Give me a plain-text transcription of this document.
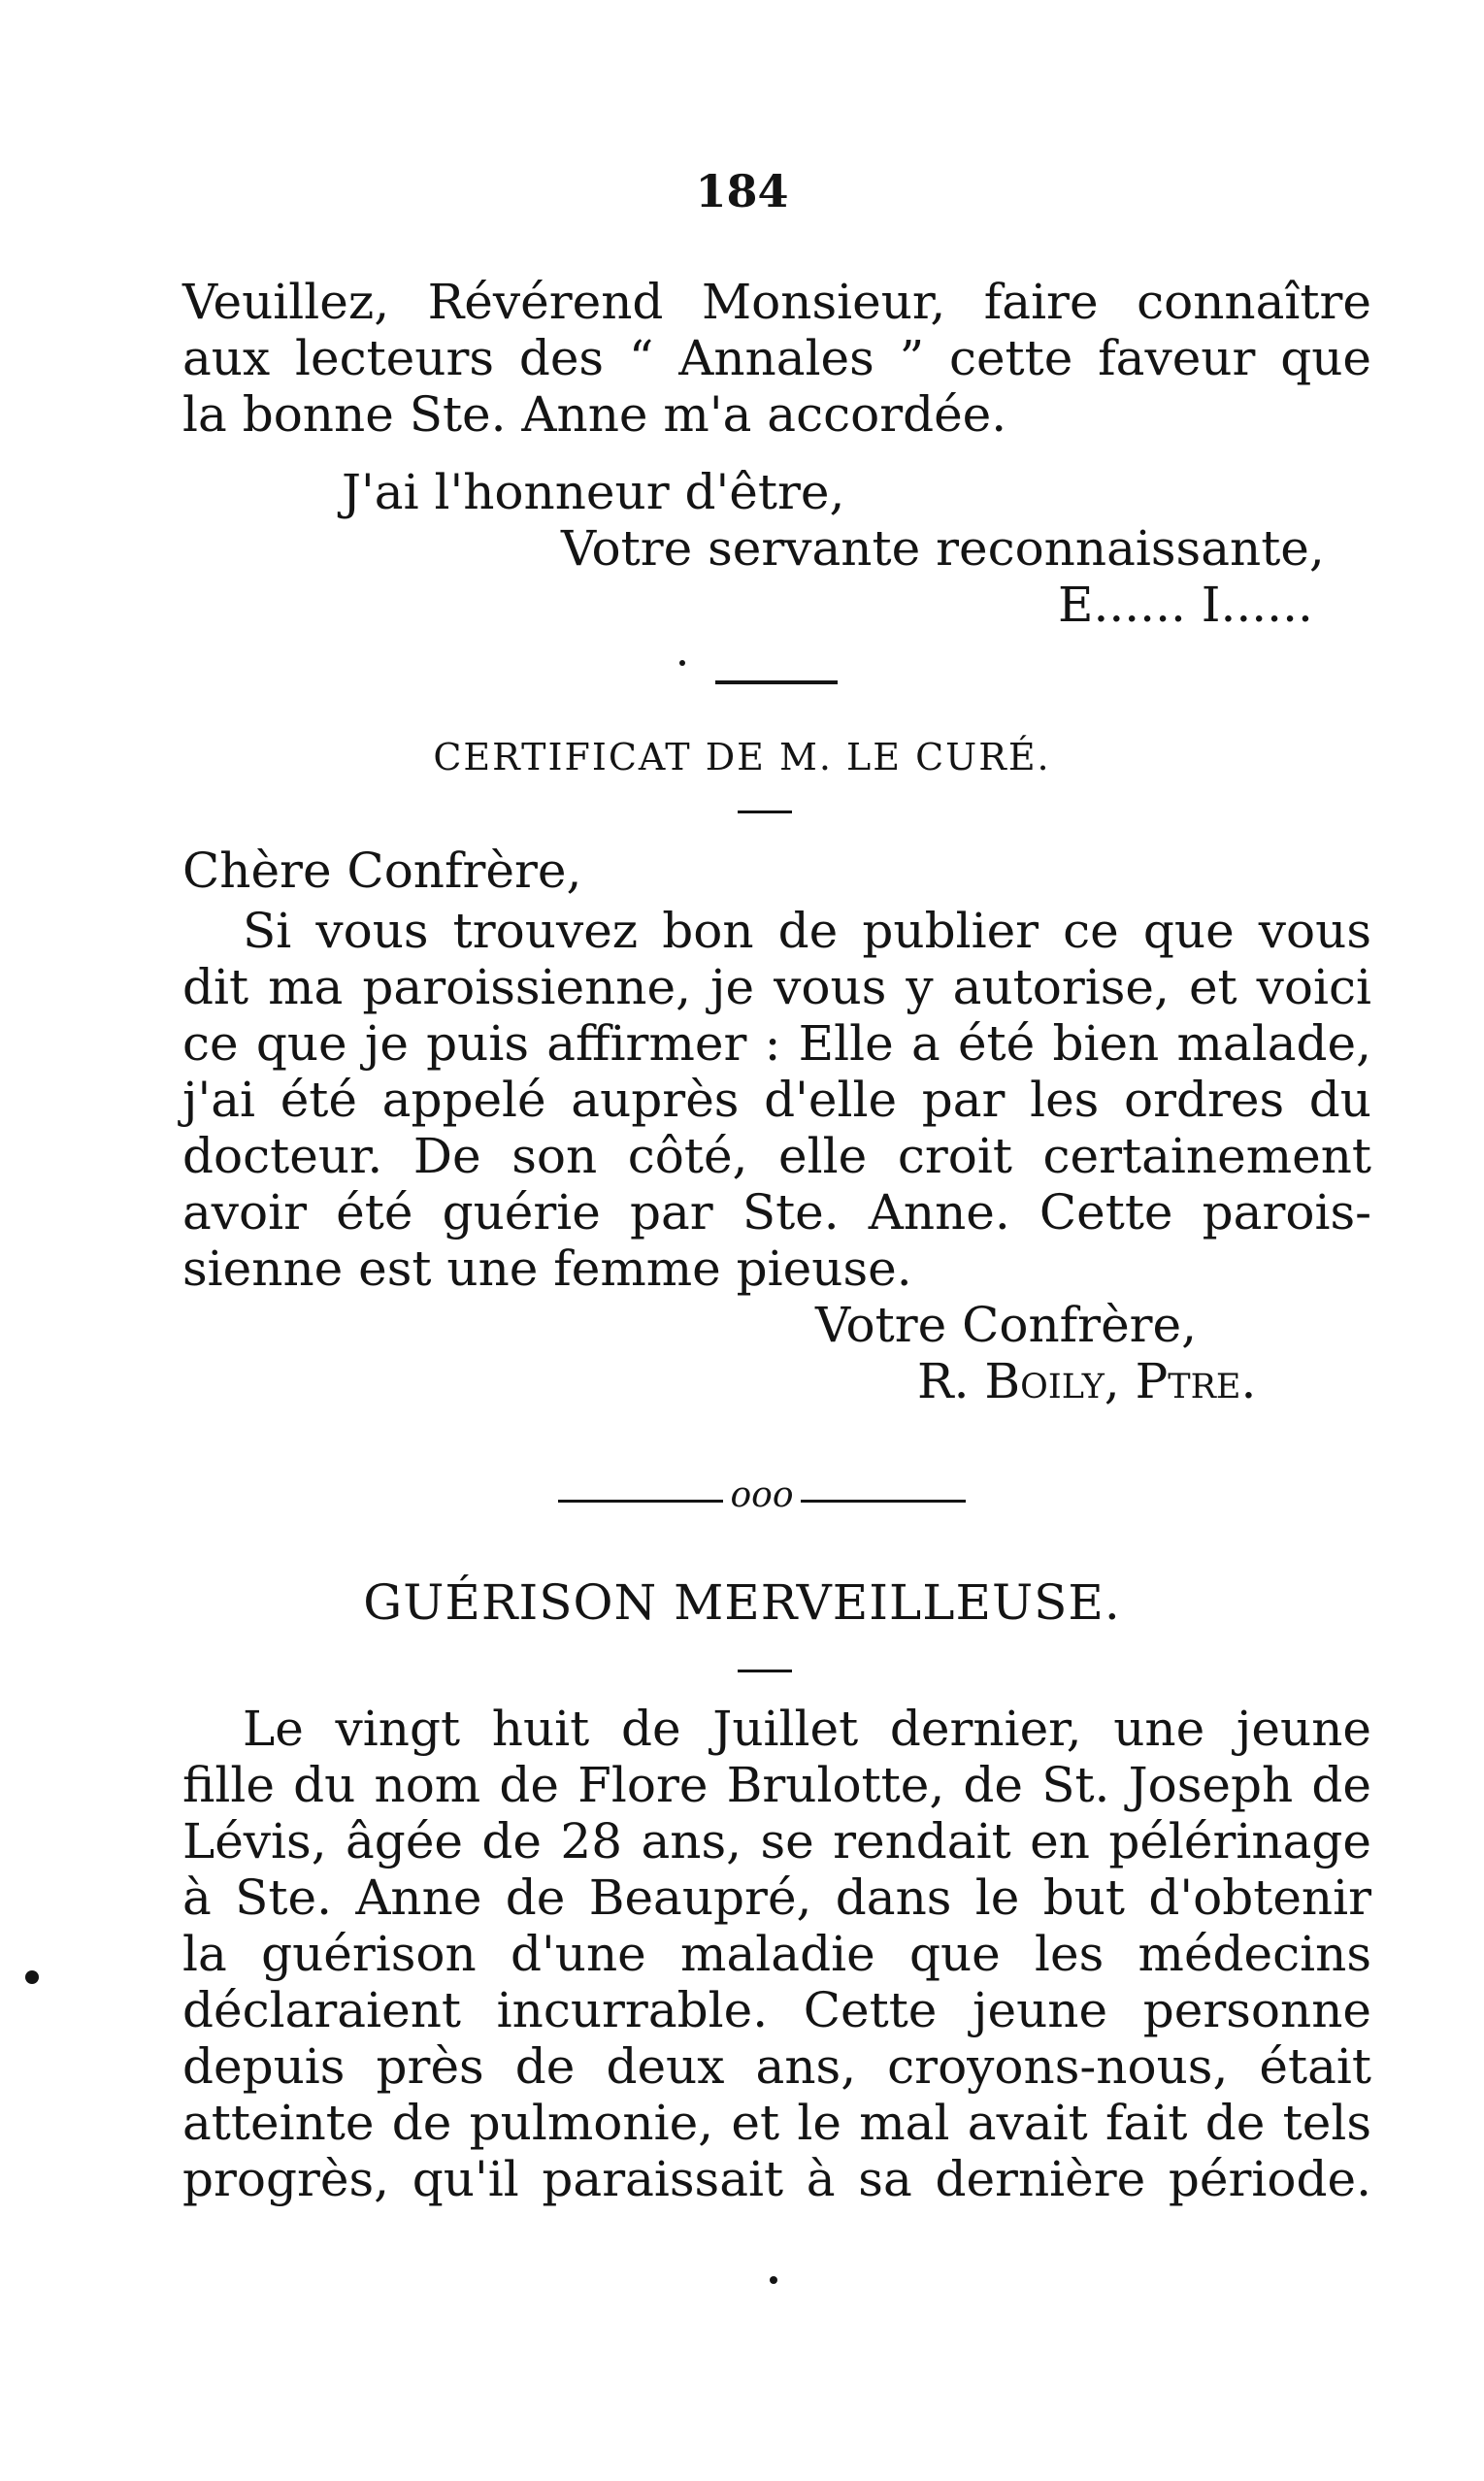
184
Veuillez, Révérend Monsieur, faire connaître
aux lecteurs des “ Annales ” cette faveur que
la bonne Ste. Anne m'a accordée.
J'ai l'honneur d'être,
Votre servante reconnaissante,
E...... I......
CERTIFICAT DE M. LE CURÉ.
Chère Confrère,
Si vous trouvez bon de publier ce que vous
dit ma paroissienne, je vous y autorise, et voici
ce que je puis affirmer : Elle a été bien malade,
j'ai été appelé auprès d'elle par les ordres du
docteur. De son côté, elle croit certainement
avoir été guérie par Ste. Anne. Cette parois-
sienne est une femme pieuse.
Votre Confrère,
R. Boily, Ptre.
ooo
GUÉRISON MERVEILLEUSE.
Le vingt huit de Juillet dernier, une jeune
fille du nom de Flore Brulotte, de St. Joseph de
Lévis, âgée de 28 ans, se rendait en pélérinage
à Ste. Anne de Beaupré, dans le but d'obtenir
la guérison d'une maladie que les médecins
déclaraient incurrable. Cette jeune personne
depuis près de deux ans, croyons-nous, était
atteinte de pulmonie, et le mal avait fait de tels
progrès, qu'il paraissait à sa dernière période.
